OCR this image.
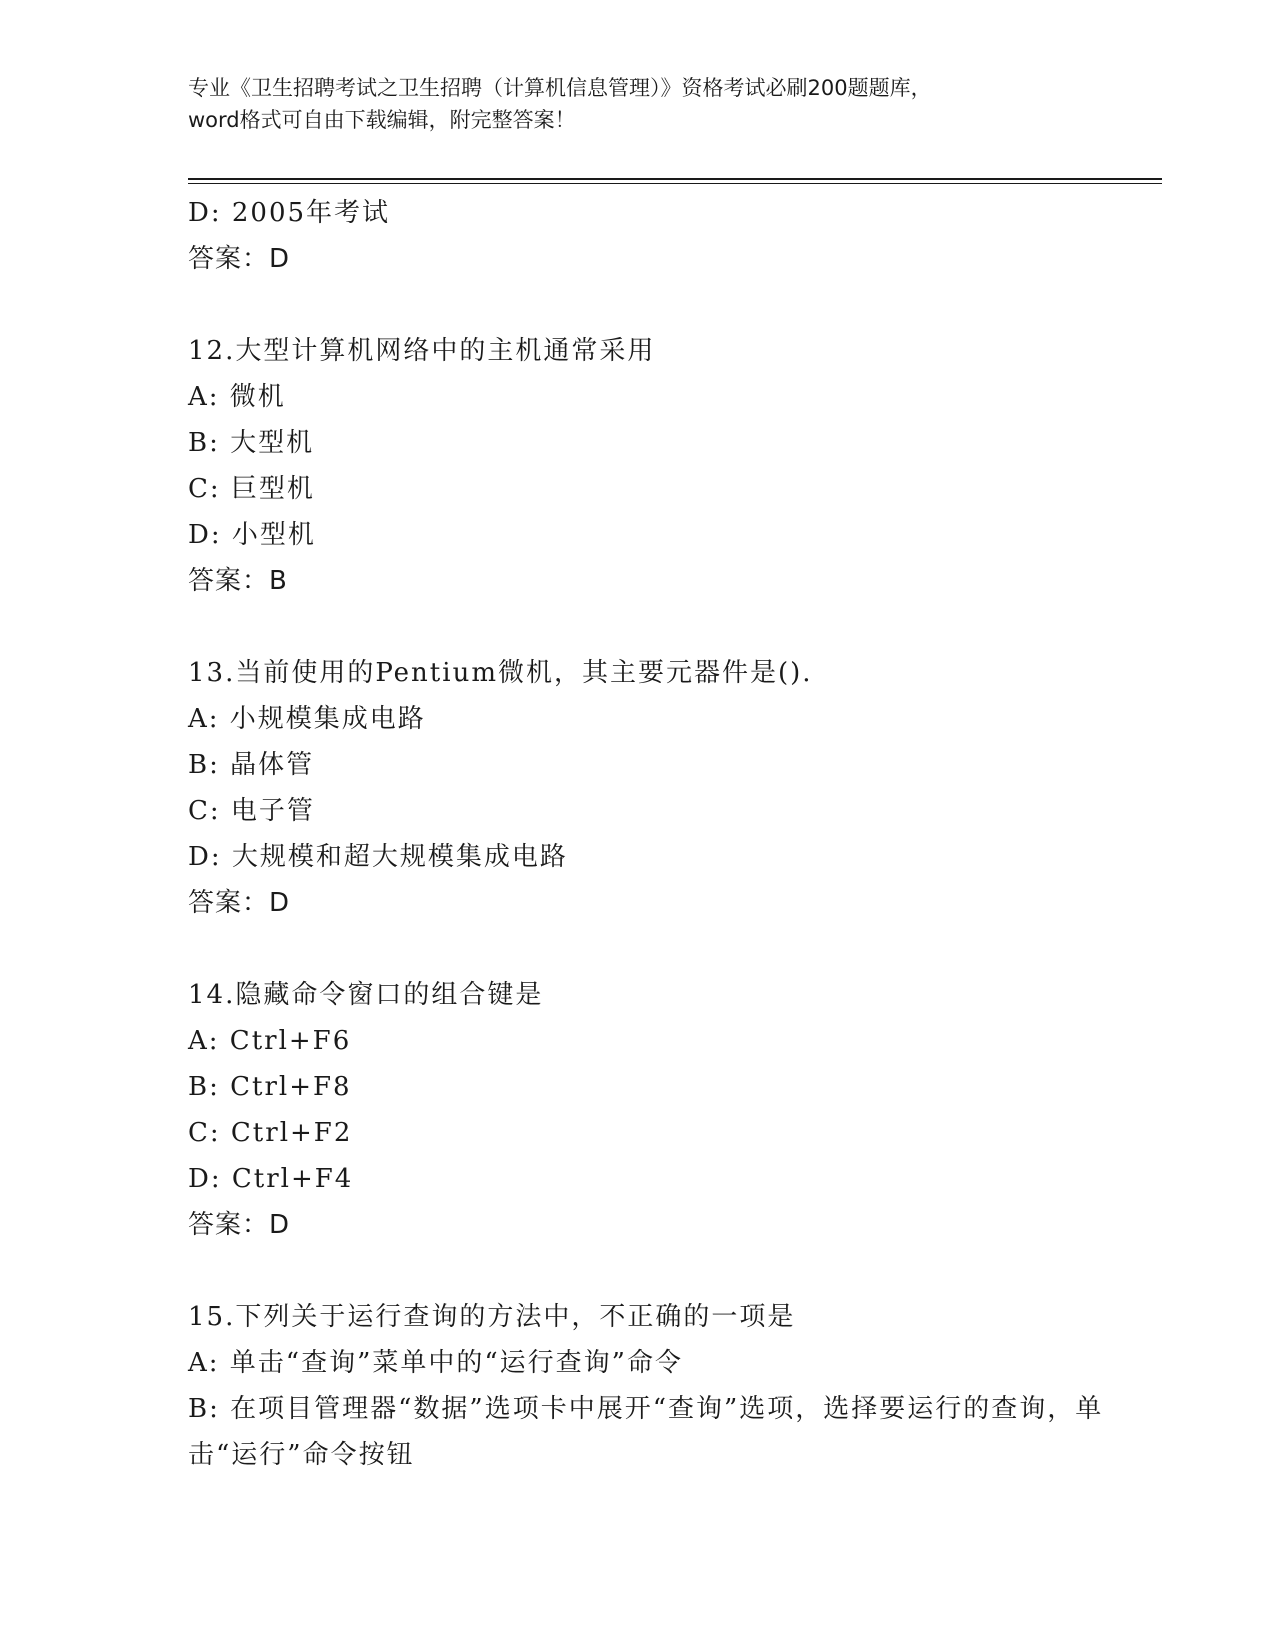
专业《卫生招聘考试之卫生招聘（计算机信息管理）》资格考试必刷200题题库，
word格式可自由下载编辑，附完整答案！
D: 2005年考试
答案：D
12.大型计算机网络中的主机通常采用
A: 微机
B: 大型机
C: 巨型机
D: 小型机
答案：B
13.当前使用的Pentium微机，其主要元器件是().
A: 小规模集成电路
B: 晶体管
C: 电子管
D: 大规模和超大规模集成电路
答案：D
14.隐藏命令窗口的组合键是
A: Ctrl+F6
B: Ctrl+F8
C: Ctrl+F2
D: Ctrl+F4
答案：D
15.下列关于运行查询的方法中，不正确的一项是
A: 单击“查询”菜单中的“运行查询”命令
B: 在项目管理器“数据”选项卡中展开“查询”选项，选择要运行的查询，单击“运行”命令按钮
